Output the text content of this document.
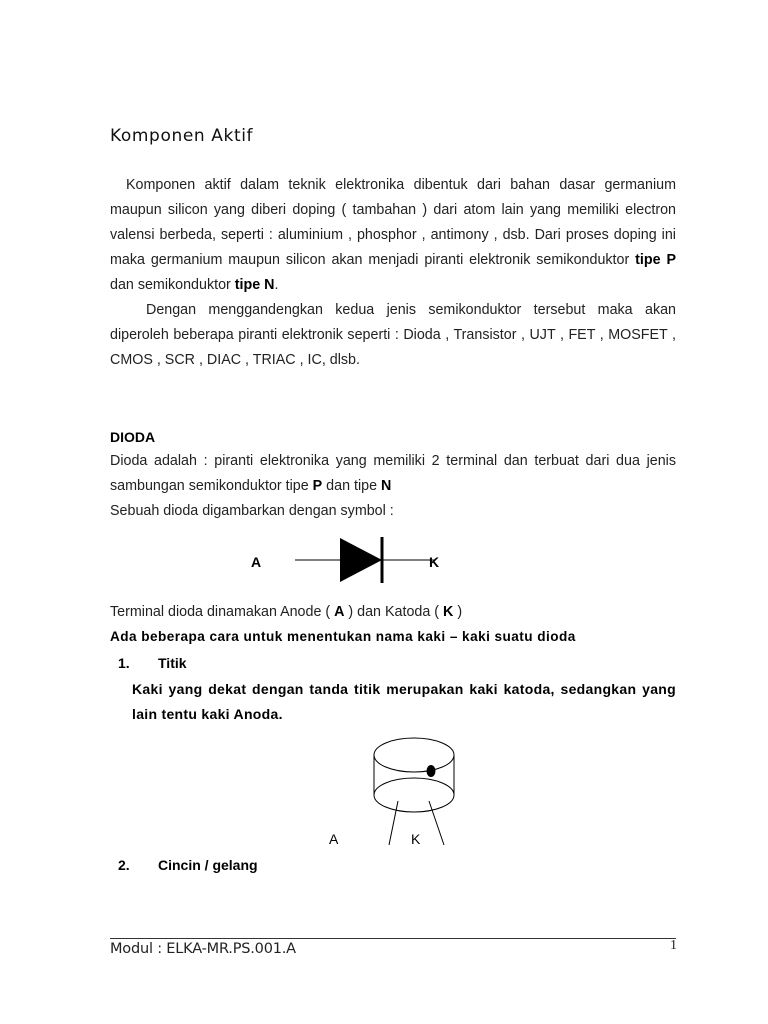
Komponen Aktif
Komponen aktif dalam teknik elektronika dibentuk dari bahan dasar germanium maupun silicon yang diberi doping ( tambahan ) dari atom lain yang memiliki electron valensi berbeda, seperti : aluminium , phosphor , antimony , dsb. Dari proses doping ini maka germanium maupun silicon akan menjadi piranti elektronik semikonduktor tipe P dan semikonduktor tipe N.
Dengan menggandengkan kedua jenis semikonduktor tersebut maka akan diperoleh beberapa piranti elektronik seperti : Dioda , Transistor , UJT , FET , MOSFET , CMOS , SCR , DIAC , TRIAC , IC, dlsb.
DIODA
Dioda adalah : piranti elektronika yang memiliki 2 terminal dan terbuat dari dua jenis sambungan semikonduktor tipe P dan tipe N
Sebuah dioda digambarkan dengan symbol :
A	K
Terminal dioda dinamakan Anode ( A ) dan Katoda ( K )
Ada beberapa cara untuk menentukan nama kaki – kaki suatu dioda
1. Titik
Kaki yang dekat dengan tanda titik merupakan kaki katoda, sedangkan yang lain tentu kaki Anoda.
A	K
2. Cincin / gelang
Modul : ELKA-MR.PS.001.A	1
